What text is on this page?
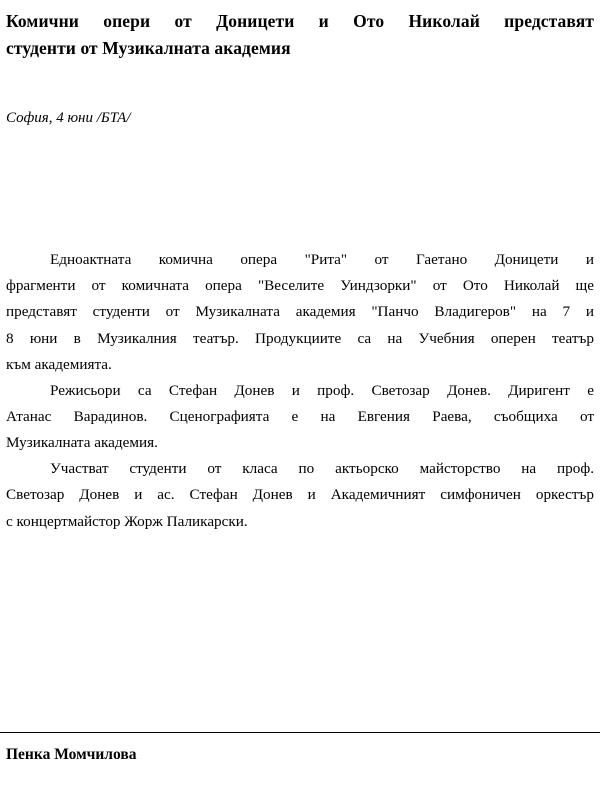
Комични опери от Доницети и Ото Николай представят
студенти от Музикалната академия

София, 4 юни /БТА/

Едноактната комична опера "Рита" от Гаетано Доницети и
фрагменти от комичната опера "Веселите Уиндзорки" от Ото Николай ще
представят студенти от Музикалната академия "Панчо Владигеров" на 7 и
8 юни в Музикалния театър. Продукциите са на Учебния оперен театър
към академията.

Режисьори са Стефан Донев и проф. Светозар Донев. Диригент е
Атанас Варадинов. Сценографията е на Евгения Раева, съобщиха от
Музикалната академия.

Участват студенти от класа по актьорско майсторство на проф.
Светозар Донев и ас. Стефан Донев и Академичният симфоничен оркестър
с концертмайстор Жорж Паликарски.

Пенка Момчилова
